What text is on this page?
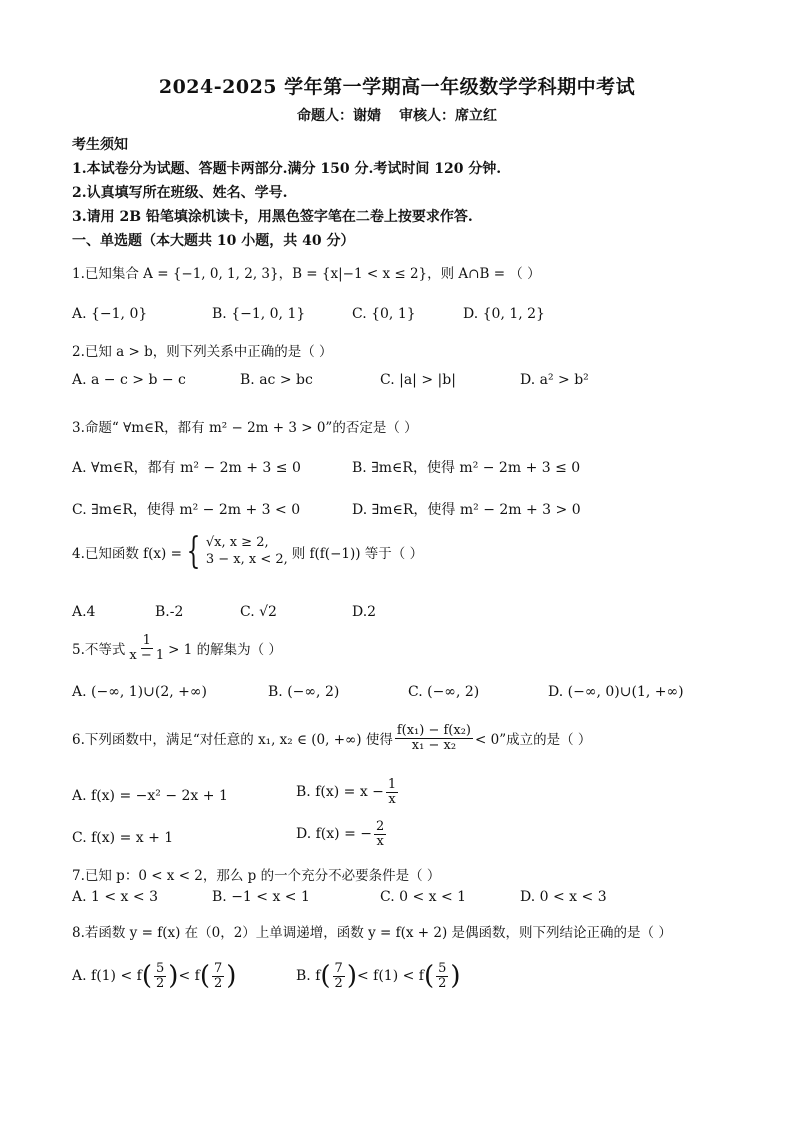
2024-2025 学年第一学期高一年级数学学科期中考试
命题人：谢婧 审核人：席立红
考生须知
1.本试卷分为试题、答题卡两部分.满分 150 分.考试时间 120 分钟.
2.认真填写所在班级、姓名、学号.
3.请用 2B 铅笔填涂机读卡，用黑色签字笔在二卷上按要求作答.
一、单选题（本大题共 10 小题，共 40 分）
1.已知集合 A = {−1, 0, 1, 2, 3}，B = {x|−1 < x ≤ 2}，则 A∩B = （ ）
A. {−1, 0}	B. {−1, 0, 1}	C. {0, 1}	D. {0, 1, 2}
2.已知 a > b，则下列关系中正确的是（ ）
A. a − c > b − c	B. ac > bc	C. |a| > |b|	D. a² > b²
3.命题“ ∀m∈R，都有 m² − 2m + 3 > 0”的否定是（ ）
A. ∀m∈R，都有 m² − 2m + 3 ≤ 0	B. ∃m∈R，使得 m² − 2m + 3 ≤ 0
C. ∃m∈R，使得 m² − 2m + 3 < 0	D. ∃m∈R，使得 m² − 2m + 3 > 0
4.已知函数 f(x) = { √x, x ≥ 2,
3 − x, x < 2, 则 f(f(−1)) 等于（ ）
A.4	B.-2	C. √2	D.2
5.不等式 $\frac{1}{x - 1} > 1$ 的解集为（ ）
A. (−∞, 1)∪(2, +∞)	B. (−∞, 2)	C. (−∞, 2)	D. (−∞, 0)∪(1, +∞)
6.下列函数中，满足“对任意的 x₁, x₂ ∈ (0, +∞) 使得 $\frac{\text{f(x₁) − f(x₂)}}{\text{x₁ − x₂}} < 0$”成立的是（ ）
A. f(x) = −x² − 2x + 1	B. $f(x) = x - \frac{1}{x}$
C. f(x) = x + 1	D. f(x) = − $\frac{2}{x}$
7.已知 p：0 < x < 2，那么 p 的一个充分不必要条件是（ ）
A. 1 < x < 3	B. −1 < x < 1	C. 0 < x < 1	D. 0 < x < 3
8.若函数 y = f(x) 在（0，2）上单调递增，函数 y = f(x + 2) 是偶函数，则下列结论正确的是（ ）
A. f(1) < f ( $\frac{5}{2}$ ) < f ( $\frac{7}{2}$ )	B. f ( $\frac{7}{2}$ ) < f(1) < f ( $\frac{5}{2}$ )
